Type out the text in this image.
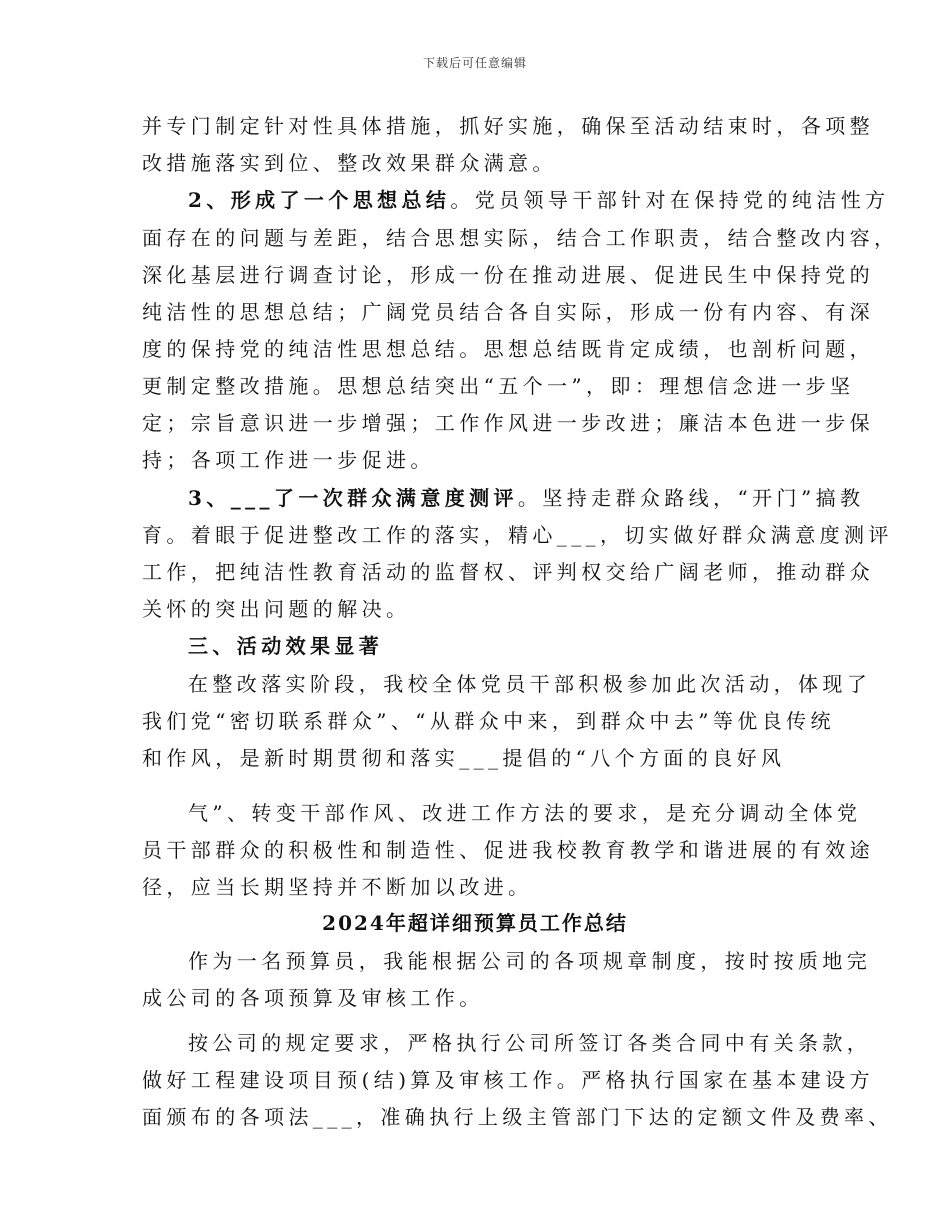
下载后可任意编辑
并专门制定针对性具体措施，抓好实施，确保至活动结束时，各项整
改措施落实到位、整改效果群众满意。
2、形成了一个思想总结。党员领导干部针对在保持党的纯洁性方
面存在的问题与差距，结合思想实际，结合工作职责，结合整改内容，
深化基层进行调查讨论，形成一份在推动进展、促进民生中保持党的
纯洁性的思想总结；广阔党员结合各自实际，形成一份有内容、有深
度的保持党的纯洁性思想总结。思想总结既肯定成绩，也剖析问题，
更制定整改措施。思想总结突出“五个一”，即：理想信念进一步坚
定；宗旨意识进一步增强；工作作风进一步改进；廉洁本色进一步保
持；各项工作进一步促进。
3、___了一次群众满意度测评。坚持走群众路线，“开门”搞教
育。着眼于促进整改工作的落实，精心___，切实做好群众满意度测评
工作，把纯洁性教育活动的监督权、评判权交给广阔老师，推动群众
关怀的突出问题的解决。
三、活动效果显著
在整改落实阶段，我校全体党员干部积极参加此次活动，体现了
我们党“密切联系群众”、“从群众中来，到群众中去”等优良传统
和作风，是新时期贯彻和落实___提倡的“八个方面的良好风
气”、转变干部作风、改进工作方法的要求，是充分调动全体党
员干部群众的积极性和制造性、促进我校教育教学和谐进展的有效途
径，应当长期坚持并不断加以改进。
2024年超详细预算员工作总结
作为一名预算员，我能根据公司的各项规章制度，按时按质地完
成公司的各项预算及审核工作。
按公司的规定要求，严格执行公司所签订各类合同中有关条款，
做好工程建设项目预(结)算及审核工作。严格执行国家在基本建设方
面颁布的各项法___，准确执行上级主管部门下达的定额文件及费率、
